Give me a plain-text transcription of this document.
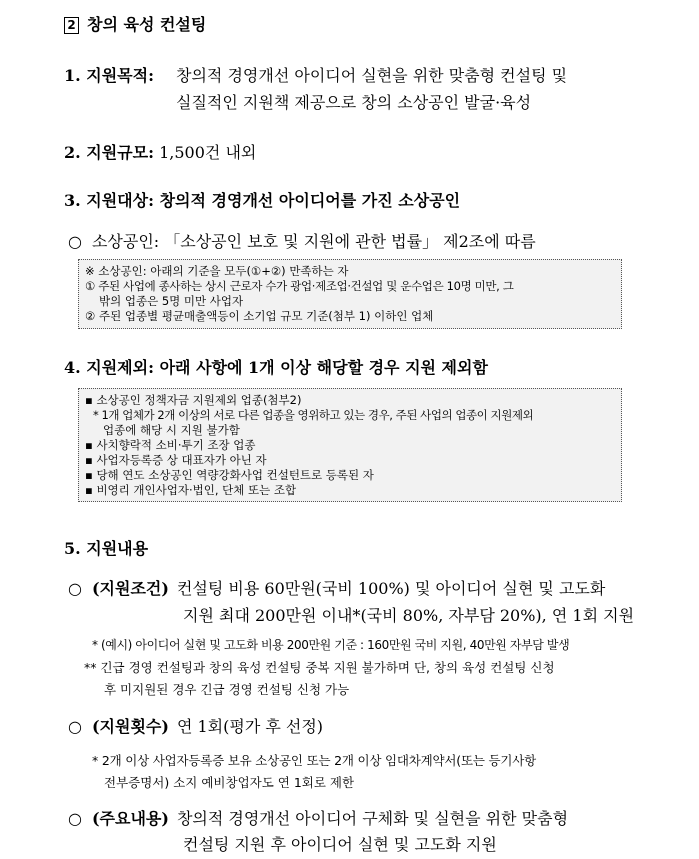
2 창의 육성 컨설팅
1. 지원목적: 창의적 경영개선 아이디어 실현을 위한 맞춤형 컨설팅 및
실질적인 지원책 제공으로 창의 소상공인 발굴·육성
2. 지원규모: 1,500건 내외
3. 지원대상: 창의적 경영개선 아이디어를 가진 소상공인
○ 소상공인: 「소상공인 보호 및 지원에 관한 법률」 제2조에 따름
※ 소상공인: 아래의 기준을 모두(①+②) 만족하는 자
① 주된 사업에 종사하는 상시 근로자 수가 광업·제조업·건설업 및 운수업은 10명 미만, 그
밖의 업종은 5명 미만 사업자
② 주된 업종별 평균매출액등이 소기업 규모 기준(첨부 1) 이하인 업체
4. 지원제외: 아래 사항에 1개 이상 해당할 경우 지원 제외함
▪ 소상공인 정책자금 지원제외 업종(첨부2)
* 1개 업체가 2개 이상의 서로 다른 업종을 영위하고 있는 경우, 주된 사업의 업종이 지원제외
업종에 해당 시 지원 불가함
▪ 사치향락적 소비·투기 조장 업종
▪ 사업자등록증 상 대표자가 아닌 자
▪ 당해 연도 소상공인 역량강화사업 컨설턴트로 등록된 자
▪ 비영리 개인사업자·법인, 단체 또는 조합
5. 지원내용
○ (지원조건) 컨설팅 비용 60만원(국비 100%) 및 아이디어 실현 및 고도화
지원 최대 200만원 이내*(국비 80%, 자부담 20%), 연 1회 지원
* (예시) 아이디어 실현 및 고도화 비용 200만원 기준 : 160만원 국비 지원, 40만원 자부담 발생
** 긴급 경영 컨설팅과 창의 육성 컨설팅 중복 지원 불가하며 단, 창의 육성 컨설팅 신청
후 미지원된 경우 긴급 경영 컨설팅 신청 가능
○ (지원횟수) 연 1회(평가 후 선정)
* 2개 이상 사업자등록증 보유 소상공인 또는 2개 이상 임대차계약서(또는 등기사항
전부증명서) 소지 예비창업자도 연 1회로 제한
○ (주요내용) 창의적 경영개선 아이디어 구체화 및 실현을 위한 맞춤형
컨설팅 지원 후 아이디어 실현 및 고도화 지원
